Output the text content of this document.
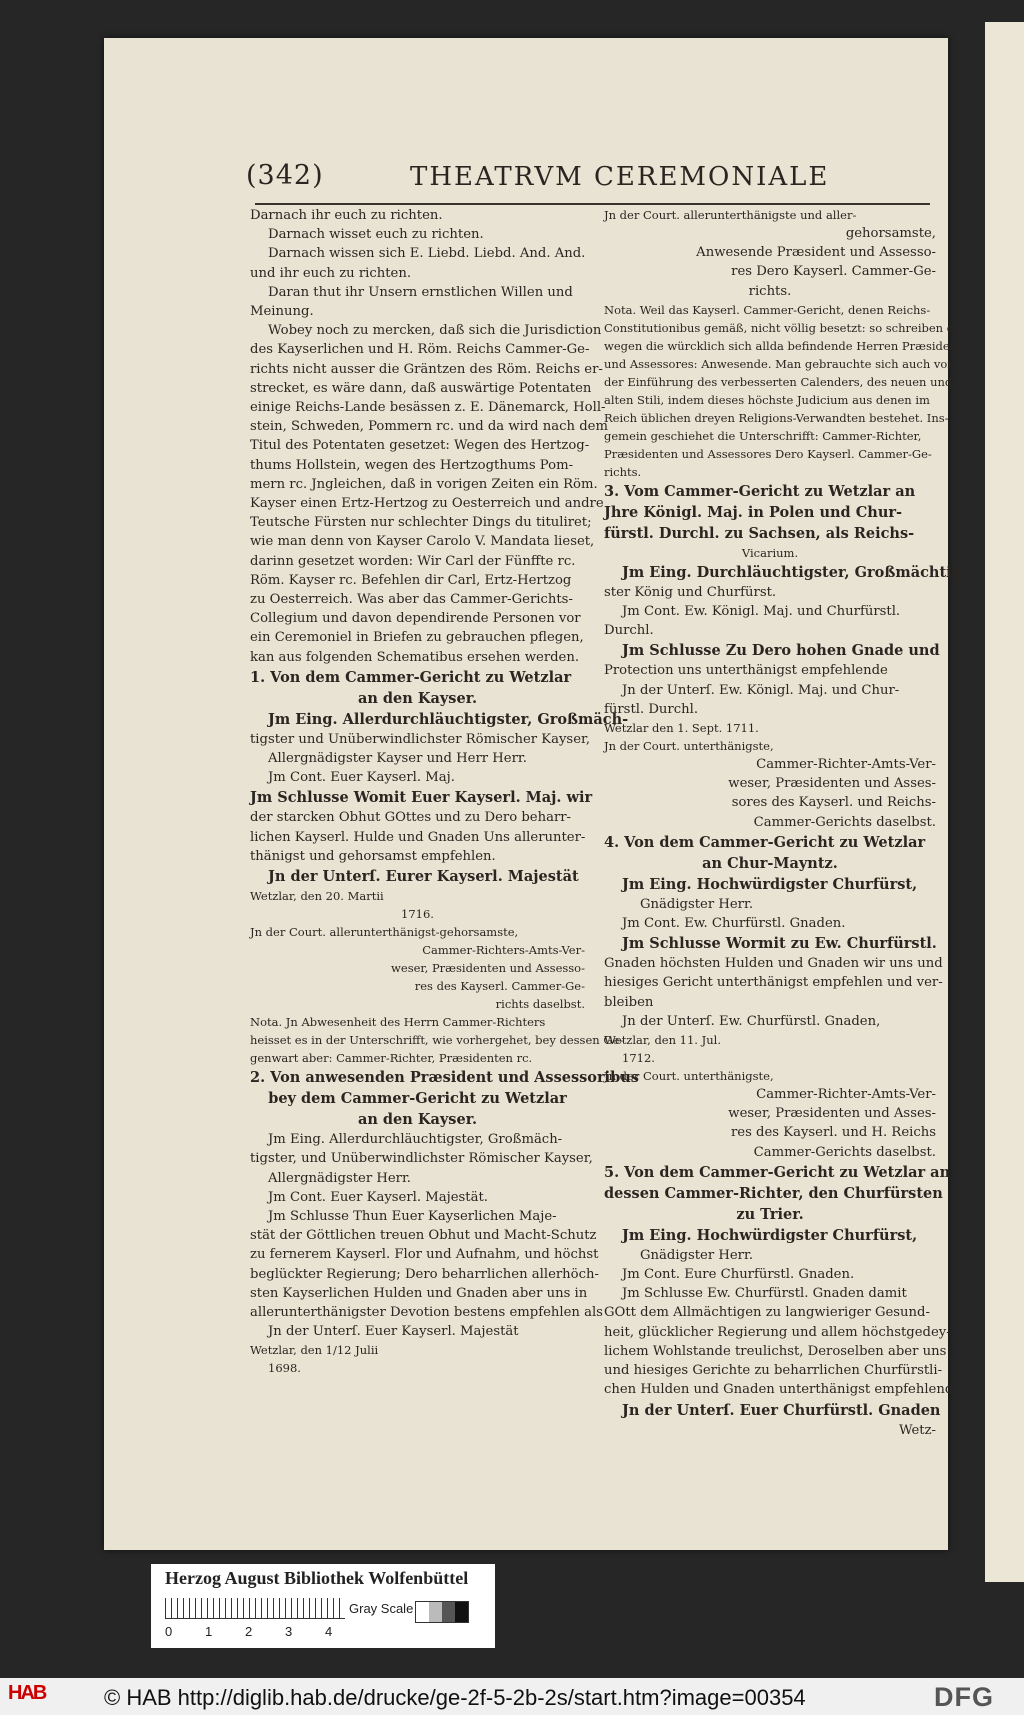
(342)	THEATRVM CEREMONIALE

Darnach ihr euch zu richten.

Darnach wisset euch zu richten.

Darnach wissen sich E. Liebd. Liebd. And. And.

und ihr euch zu richten.

Daran thut ihr Unsern ernstlichen Willen und

Meinung.

Wobey noch zu mercken, daß sich die Jurisdiction

des Kayserlichen und H. Röm. Reichs Cammer-Ge-

richts nicht ausser die Gräntzen des Röm. Reichs er-

strecket, es wäre dann, daß auswärtige Potentaten

einige Reichs-Lande besässen z. E. Dänemarck, Holl-

stein, Schweden, Pommern rc. und da wird nach dem

Titul des Potentaten gesetzet: Wegen des Hertzog-

thums Hollstein, wegen des Hertzogthums Pom-

mern rc. Jngleichen, daß in vorigen Zeiten ein Röm.

Kayser einen Ertz-Hertzog zu Oesterreich und andre

Teutsche Fürsten nur schlechter Dings du tituliret;

wie man denn von Kayser Carolo V. Mandata lieset,

darinn gesetzet worden: Wir Carl der Fünffte rc.

Röm. Kayser rc. Befehlen dir Carl, Ertz-Hertzog

zu Oesterreich. Was aber das Cammer-Gerichts-

Collegium und davon dependirende Personen vor

ein Ceremoniel in Briefen zu gebrauchen pflegen,

kan aus folgenden Schematibus ersehen werden.

1. Von dem Cammer-Gericht zu Wetzlar

an den Kayser.

Jm Eing. Allerdurchläuchtigster, Großmäch-

tigster und Unüberwindlichster Römischer Kayser,

Allergnädigster Kayser und Herr Herr.

Jm Cont. Euer Kayserl. Maj.

Jm Schlusse Womit Euer Kayserl. Maj. wir

der starcken Obhut GOttes und zu Dero beharr-

lichen Kayserl. Hulde und Gnaden Uns allerunter-

thänigst und gehorsamst empfehlen.

Jn der Unterſ. Eurer Kayserl. Majestät

Wetzlar, den 20. Martii

1716.

Jn der Court. allerunterthänigst-gehorsamste,

Cammer-Richters-Amts-Ver-

weser, Præsidenten und Assesso-

res des Kayserl. Cammer-Ge-

richts daselbst.

Nota. Jn Abwesenheit des Herrn Cammer-Richters

heisset es in der Unterschrifft, wie vorhergehet, bey dessen Ge-

genwart aber: Cammer-Richter, Præsidenten rc.

2. Von anwesenden Præsident und Assessoribus

bey dem Cammer-Gericht zu Wetzlar

an den Kayser.

Jm Eing. Allerdurchläuchtigster, Großmäch-

tigster, und Unüberwindlichster Römischer Kayser,

Allergnädigster Herr.

Jm Cont. Euer Kayserl. Majestät.

Jm Schlusse Thun Euer Kayserlichen Maje-

stät der Göttlichen treuen Obhut und Macht-Schutz

zu fernerem Kayserl. Flor und Aufnahm, und höchst

beglückter Regierung; Dero beharrlichen allerhöch-

sten Kayserlichen Hulden und Gnaden aber uns in

allerunterthänigster Devotion bestens empfehlen als

Jn der Unterſ. Euer Kayserl. Majestät

Wetzlar, den 1/12 Julii

1698.

Jn der Court. allerunterthänigste und aller-

gehorsamste,

Anwesende Præsident und Assesso-

res Dero Kayserl. Cammer-Ge-

richts.

Nota. Weil das Kayserl. Cammer-Gericht, denen Reichs-

Constitutionibus gemäß, nicht völlig besetzt: so schreiben des-

wegen die würcklich sich allda befindende Herren Præsident

und Assessores: Anwesende. Man gebrauchte sich auch vor

der Einführung des verbesserten Calenders, des neuen und

alten Stili, indem dieses höchste Judicium aus denen im

Reich üblichen dreyen Religions-Verwandten bestehet. Ins-

gemein geschiehet die Unterschrifft: Cammer-Richter,

Præsidenten und Assessores Dero Kayserl. Cammer-Ge-

richts.

3. Vom Cammer-Gericht zu Wetzlar an

Jhre Königl. Maj. in Polen und Chur-

fürstl. Durchl. zu Sachsen, als Reichs-

Vicarium.

Jm Eing. Durchläuchtigster, Großmächtig-

ster König und Churfürst.

Jm Cont. Ew. Königl. Maj. und Churfürstl.

Durchl.

Jm Schlusse Zu Dero hohen Gnade und

Protection uns unterthänigst empfehlende

Jn der Unterſ. Ew. Königl. Maj. und Chur-

fürstl. Durchl.

Wetzlar den 1. Sept. 1711.

Jn der Court. unterthänigste,

Cammer-Richter-Amts-Ver-

weser, Præsidenten und Asses-

sores des Kayserl. und Reichs-

Cammer-Gerichts daselbst.

4. Von dem Cammer-Gericht zu Wetzlar

an Chur-Mayntz.

Jm Eing. Hochwürdigster Churfürst,

Gnädigster Herr.

Jm Cont. Ew. Churfürstl. Gnaden.

Jm Schlusse Wormit zu Ew. Churfürstl.

Gnaden höchsten Hulden und Gnaden wir uns und

hiesiges Gericht unterthänigst empfehlen und ver-

bleiben

Jn der Unterſ. Ew. Churfürstl. Gnaden,

Wetzlar, den 11. Jul.

1712.

Jn der Court. unterthänigste,

Cammer-Richter-Amts-Ver-

weser, Præsidenten und Asses-

res des Kayserl. und H. Reichs

Cammer-Gerichts daselbst.

5. Von dem Cammer-Gericht zu Wetzlar an

dessen Cammer-Richter, den Churfürsten

zu Trier.

Jm Eing. Hochwürdigster Churfürst,

Gnädigster Herr.

Jm Cont. Eure Churfürstl. Gnaden.

Jm Schlusse Ew. Churfürstl. Gnaden damit

GOtt dem Allmächtigen zu langwieriger Gesund-

heit, glücklicher Regierung und allem höchstgedey-

lichem Wohlstande treulichst, Deroselben aber uns

und hiesiges Gerichte zu beharrlichen Churfürstli-

chen Hulden und Gnaden unterthänigst empfehlend

Jn der Unterſ. Euer Churfürstl. Gnaden

Wetz-

Herzog August Bibliothek Wolfenbüttel
0	1	2	3	4
Gray Scale
HAB	© HAB http://diglib.hab.de/drucke/ge-2f-5-2b-2s/start.htm?image=00354	DFG
